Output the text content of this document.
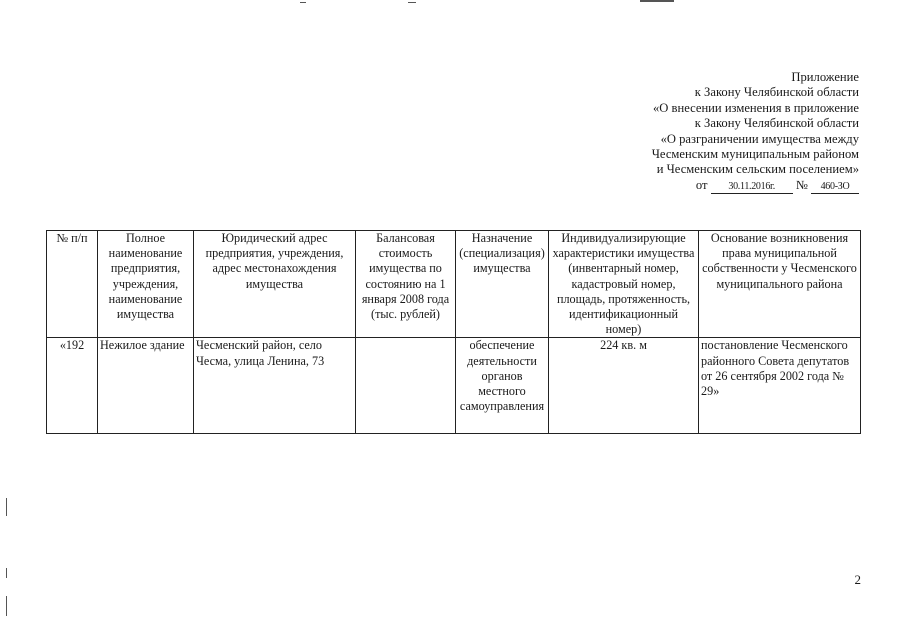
Приложение
к Закону Челябинской области
«О внесении изменения в приложение
к Закону Челябинской области
«О разграничении имущества между
Чесменским муниципальным районом
и Чесменским сельским поселением»
от 30.11.2016г. № 460-ЗО
№ п/п	Полное наименование предприятия, учреждения, наименование имущества	Юридический адрес предприятия, учреждения, адрес местонахождения имущества	Балансовая стоимость имущества по состоянию на 1 января 2008 года (тыс. рублей)	Назначение (специализация) имущества	Индивидуализирующие характеристики имущества (инвентарный номер, кадастровый номер, площадь, протяженность, идентификационный номер)	Основание возникновения права муниципальной собственности у Чесменского муниципального района
«192	Нежилое здание	Чесменский район, село Чесма, улица Ленина, 73		обеспечение деятельности органов местного самоуправления	224 кв. м	постановление Чесменского районного Совета депутатов от 26 сентября 2002 года № 29»
2
